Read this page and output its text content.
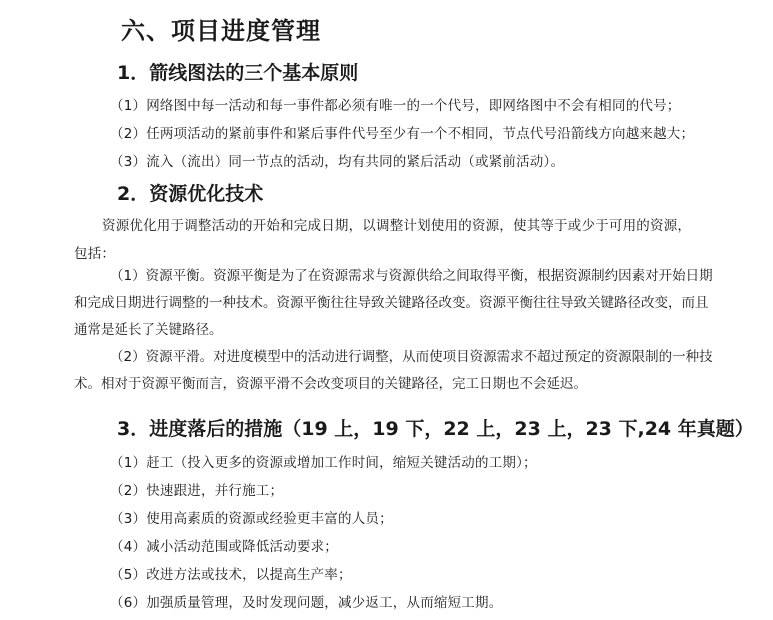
六、项目进度管理
1．箭线图法的三个基本原则
（1）网络图中每一活动和每一事件都必须有唯一的一个代号，即网络图中不会有相同的代号；
（2）任两项活动的紧前事件和紧后事件代号至少有一个不相同，节点代号沿箭线方向越来越大；
（3）流入（流出）同一节点的活动，均有共同的紧后活动（或紧前活动）。
2．资源优化技术
资源优化用于调整活动的开始和完成日期，以调整计划使用的资源，使其等于或少于可用的资源，
包括：
（1）资源平衡。资源平衡是为了在资源需求与资源供给之间取得平衡，根据资源制约因素对开始日期和完成日期进行调整的一种技术。资源平衡往往导致关键路径改变。资源平衡往往导致关键路径改变，而且通常是延长了关键路径。
（2）资源平滑。对进度模型中的活动进行调整，从而使项目资源需求不超过预定的资源限制的一种技术。相对于资源平衡而言，资源平滑不会改变项目的关键路径，完工日期也不会延迟。
3．进度落后的措施（19 上，19 下，22 上，23 上，23 下,24 年真题）
（1）赶工（投入更多的资源或增加工作时间，缩短关键活动的工期）；
（2）快速跟进，并行施工；
（3）使用高素质的资源或经验更丰富的人员；
（4）减小活动范围或降低活动要求；
（5）改进方法或技术，以提高生产率；
（6）加强质量管理，及时发现问题，减少返工，从而缩短工期。
